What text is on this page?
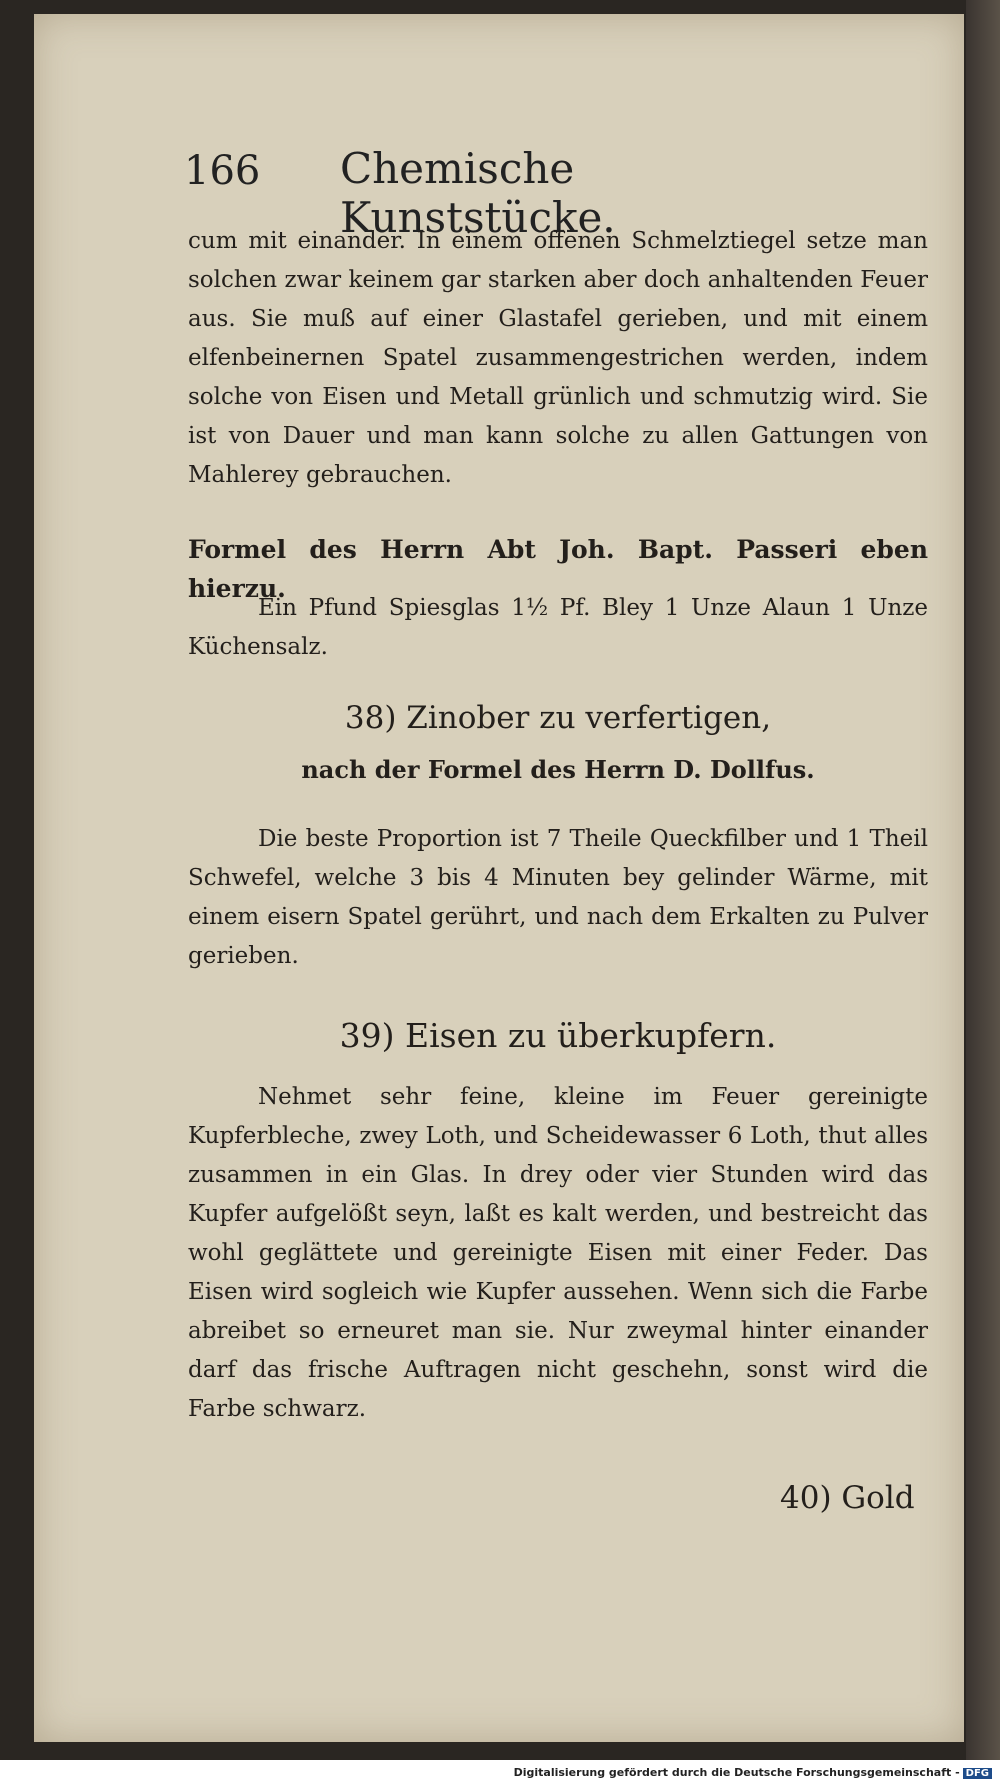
166 Chemische Kunststücke.

cum mit einander. In einem offenen Schmelztiegel setze man solchen zwar keinem gar starken aber doch anhaltenden Feuer aus. Sie muß auf einer Glastafel gerieben, und mit einem elfenbeinernen Spatel zusammengestrichen werden, indem solche von Eisen und Metall grünlich und schmutzig wird. Sie ist von Dauer und man kann solche zu allen Gattungen von Mahlerey gebrauchen.

Formel des Herrn Abt Joh. Bapt. Passeri eben hierzu.

Ein Pfund Spiesglas 1½ Pf. Bley 1 Unze Alaun 1 Unze Küchensalz.

38) Zinober zu verfertigen,
nach der Formel des Herrn D. Dollfus.

Die beste Proportion ist 7 Theile Queckfilber und 1 Theil Schwefel, welche 3 bis 4 Minuten bey gelinder Wärme, mit einem eisern Spatel gerührt, und nach dem Erkalten zu Pulver gerieben.

39) Eisen zu überkupfern.

Nehmet sehr feine, kleine im Feuer gereinigte Kupferbleche, zwey Loth, und Scheidewasser 6 Loth, thut alles zusammen in ein Glas. In drey oder vier Stunden wird das Kupfer aufgelößt seyn, laßt es kalt werden, und bestreicht das wohl geglättete und gereinigte Eisen mit einer Feder. Das Eisen wird sogleich wie Kupfer aussehen. Wenn sich die Farbe abreibet so erneuret man sie. Nur zweymal hinter einander darf das frische Auftragen nicht geschehn, sonst wird die Farbe schwarz.

40) Gold
Digitalisierung gefördert durch die Deutsche Forschungsgemeinschaft - DFG
